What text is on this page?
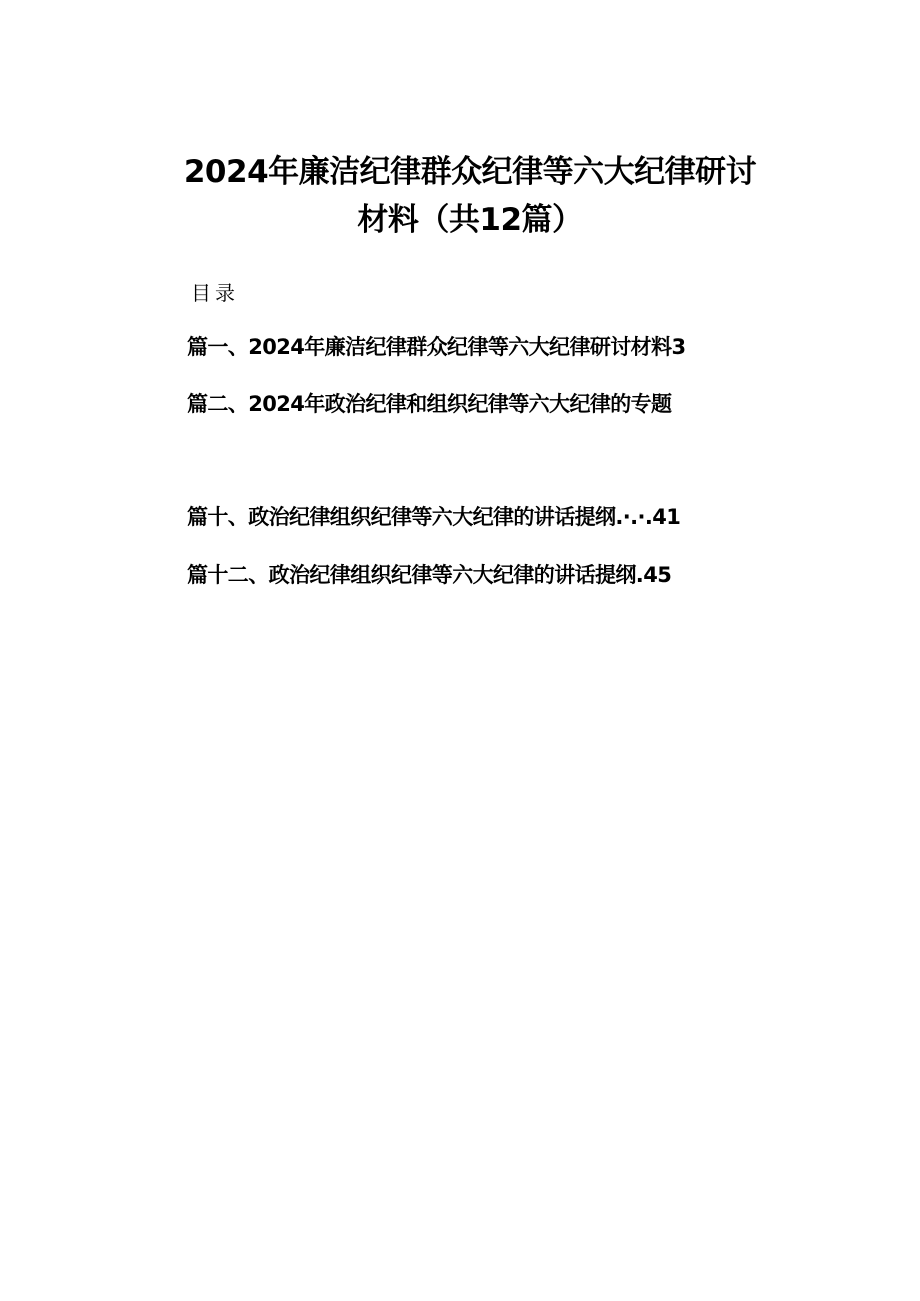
2024年廉洁纪律群众纪律等六大纪律研讨
材料（共12篇）
目录
篇一、2024年廉洁纪律群众纪律等六大纪律研讨材料3
篇二、2024年政治纪律和组织纪律等六大纪律的专题
篇十、政治纪律组织纪律等六大纪律的讲话提纲.·.·.41
篇十二、政治纪律组织纪律等六大纪律的讲话提纲.45
